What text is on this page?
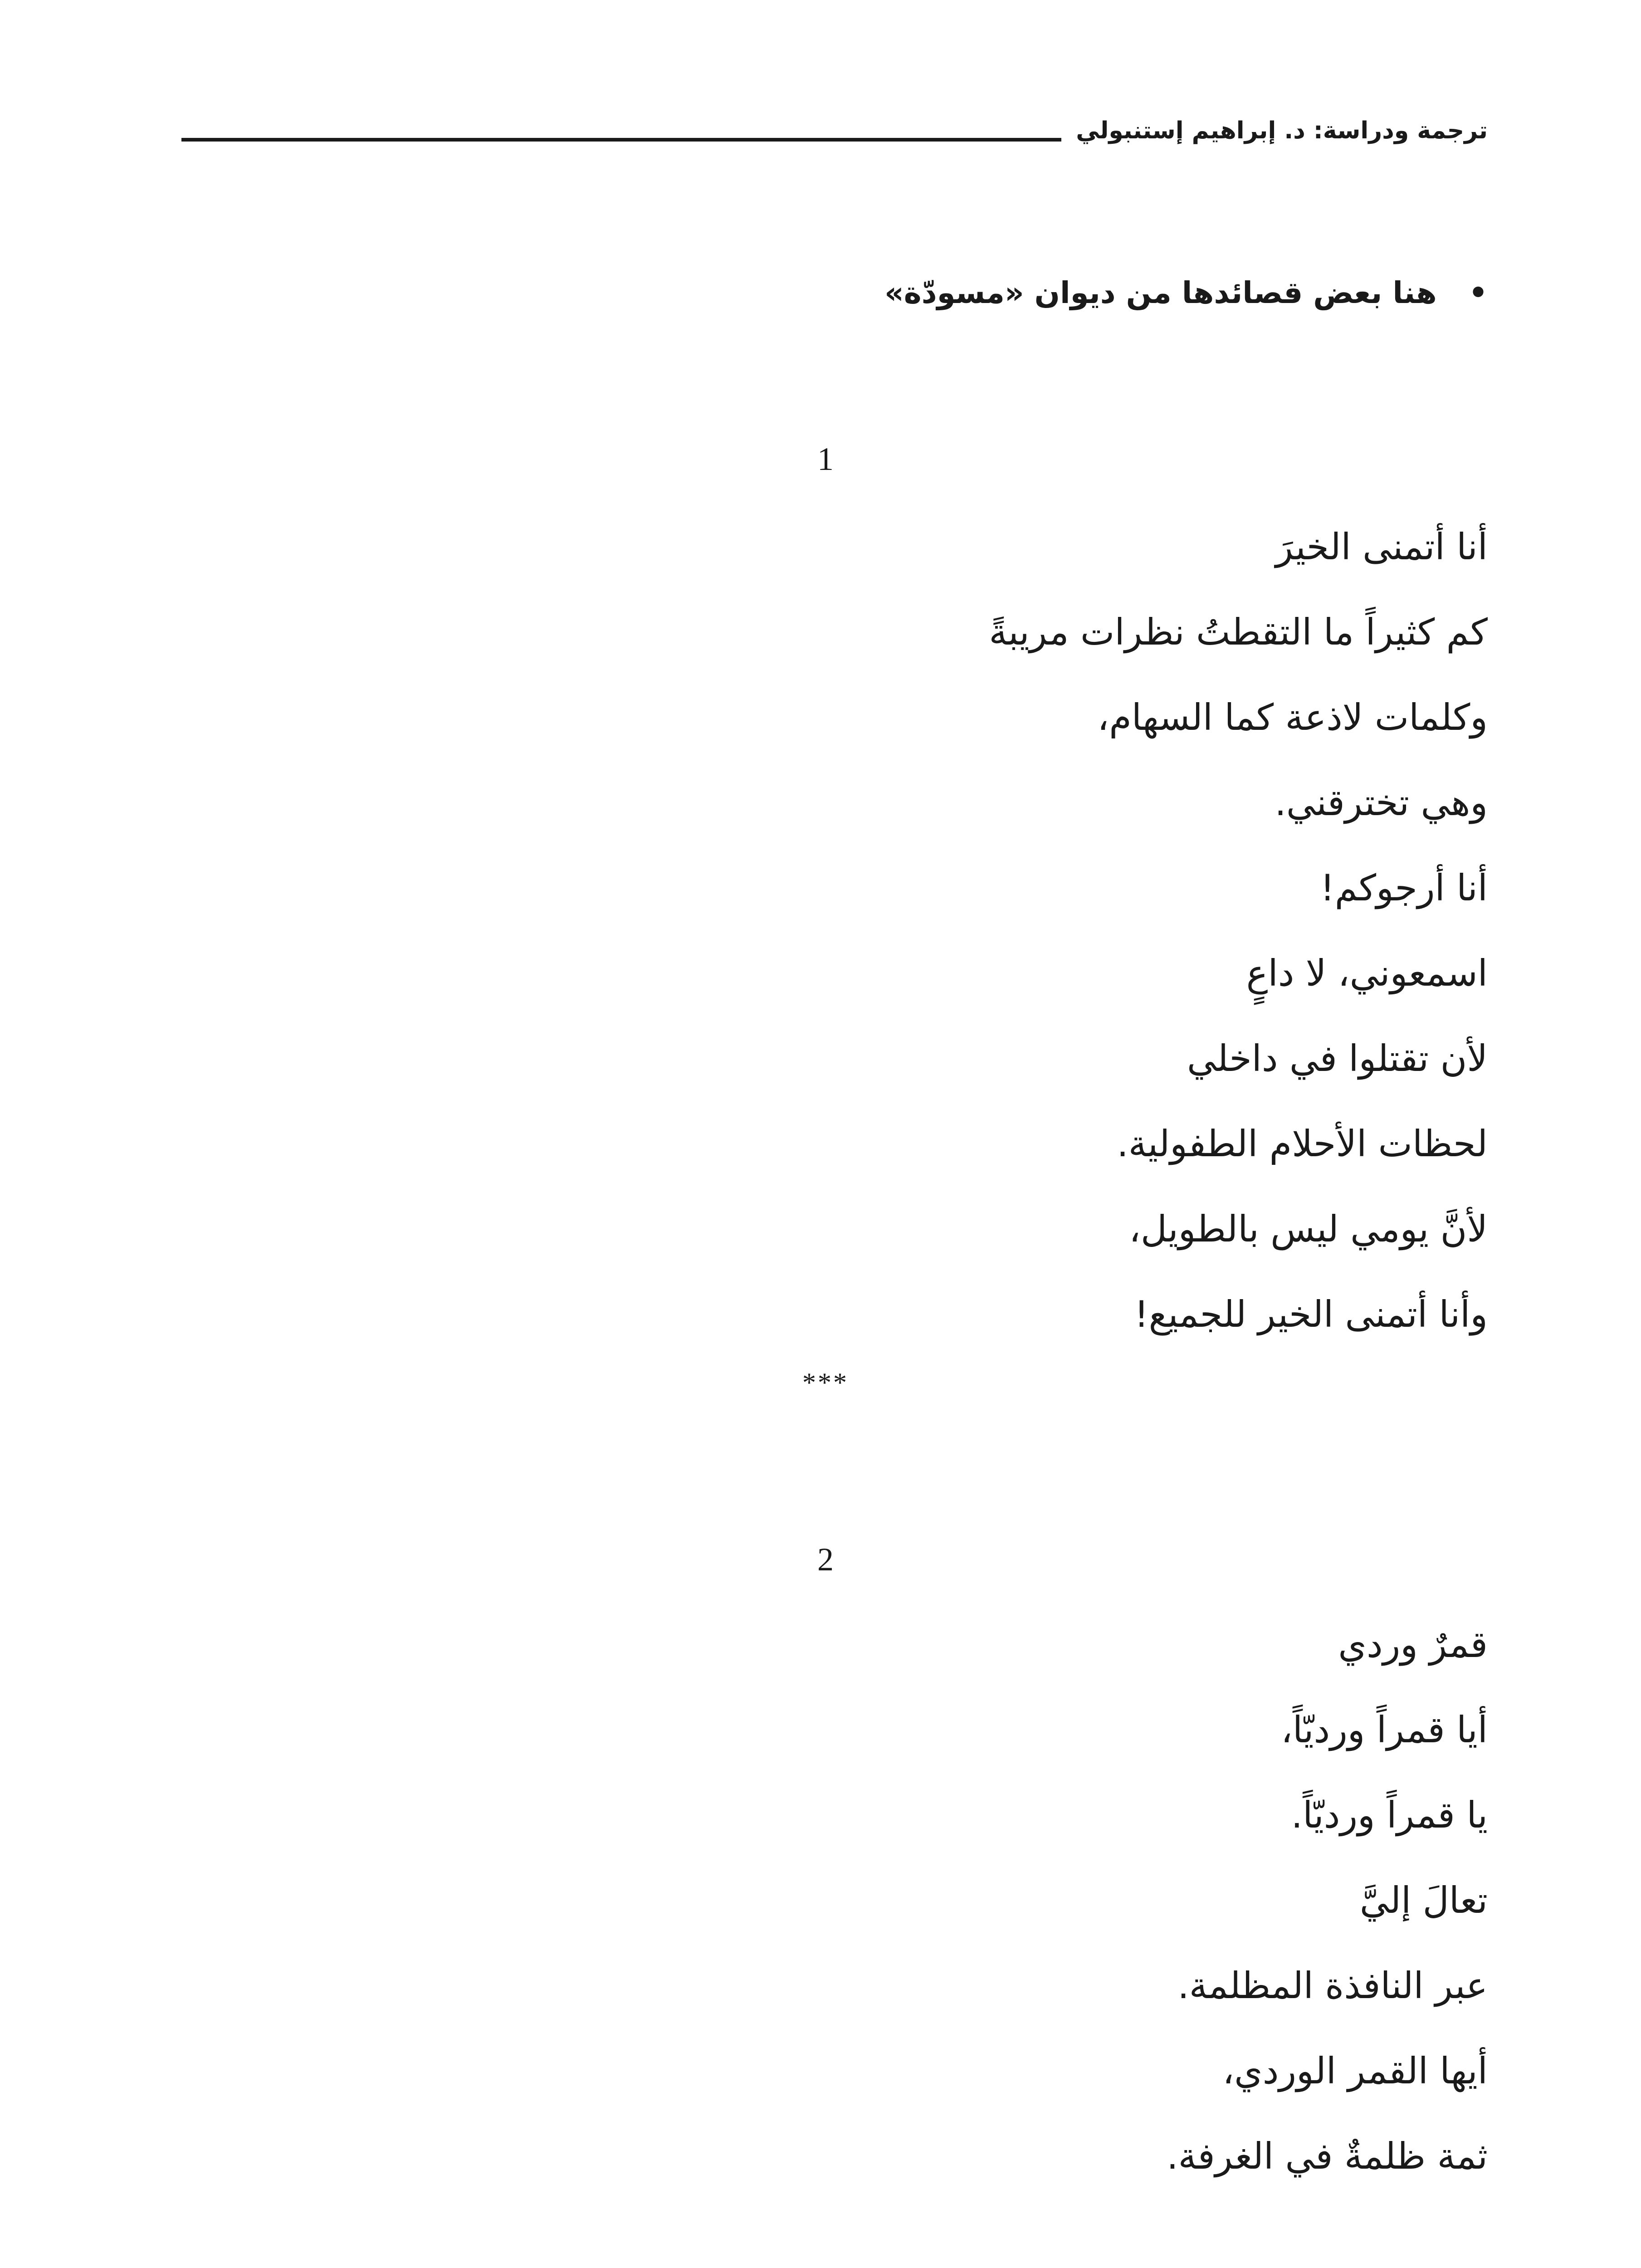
ترجمة ودراسة: د. إبراهيم إستنبولي
•هنا بعض قصائدها من ديوان «مسودّة»
1
أنا أتمنى الخيرَ
كم كثيراً ما التقطتُ نظرات مريبةً
وكلمات لاذعة كما السهام،
وهي تخترقني.
أنا أرجوكم!
اسمعوني، لا داعٍ
لأن تقتلوا في داخلي
لحظات الأحلام الطفولية.
لأنَّ يومي ليس بالطويل،
وأنا أتمنى الخير للجميع!
***
2
قمرٌ وردي
أيا قمراً ورديّاً،
يا قمراً ورديّاً.
تعالَ إليَّ
عبر النافذة المظلمة.
أيها القمر الوردي،
ثمة ظلمةٌ في الغرفة.
